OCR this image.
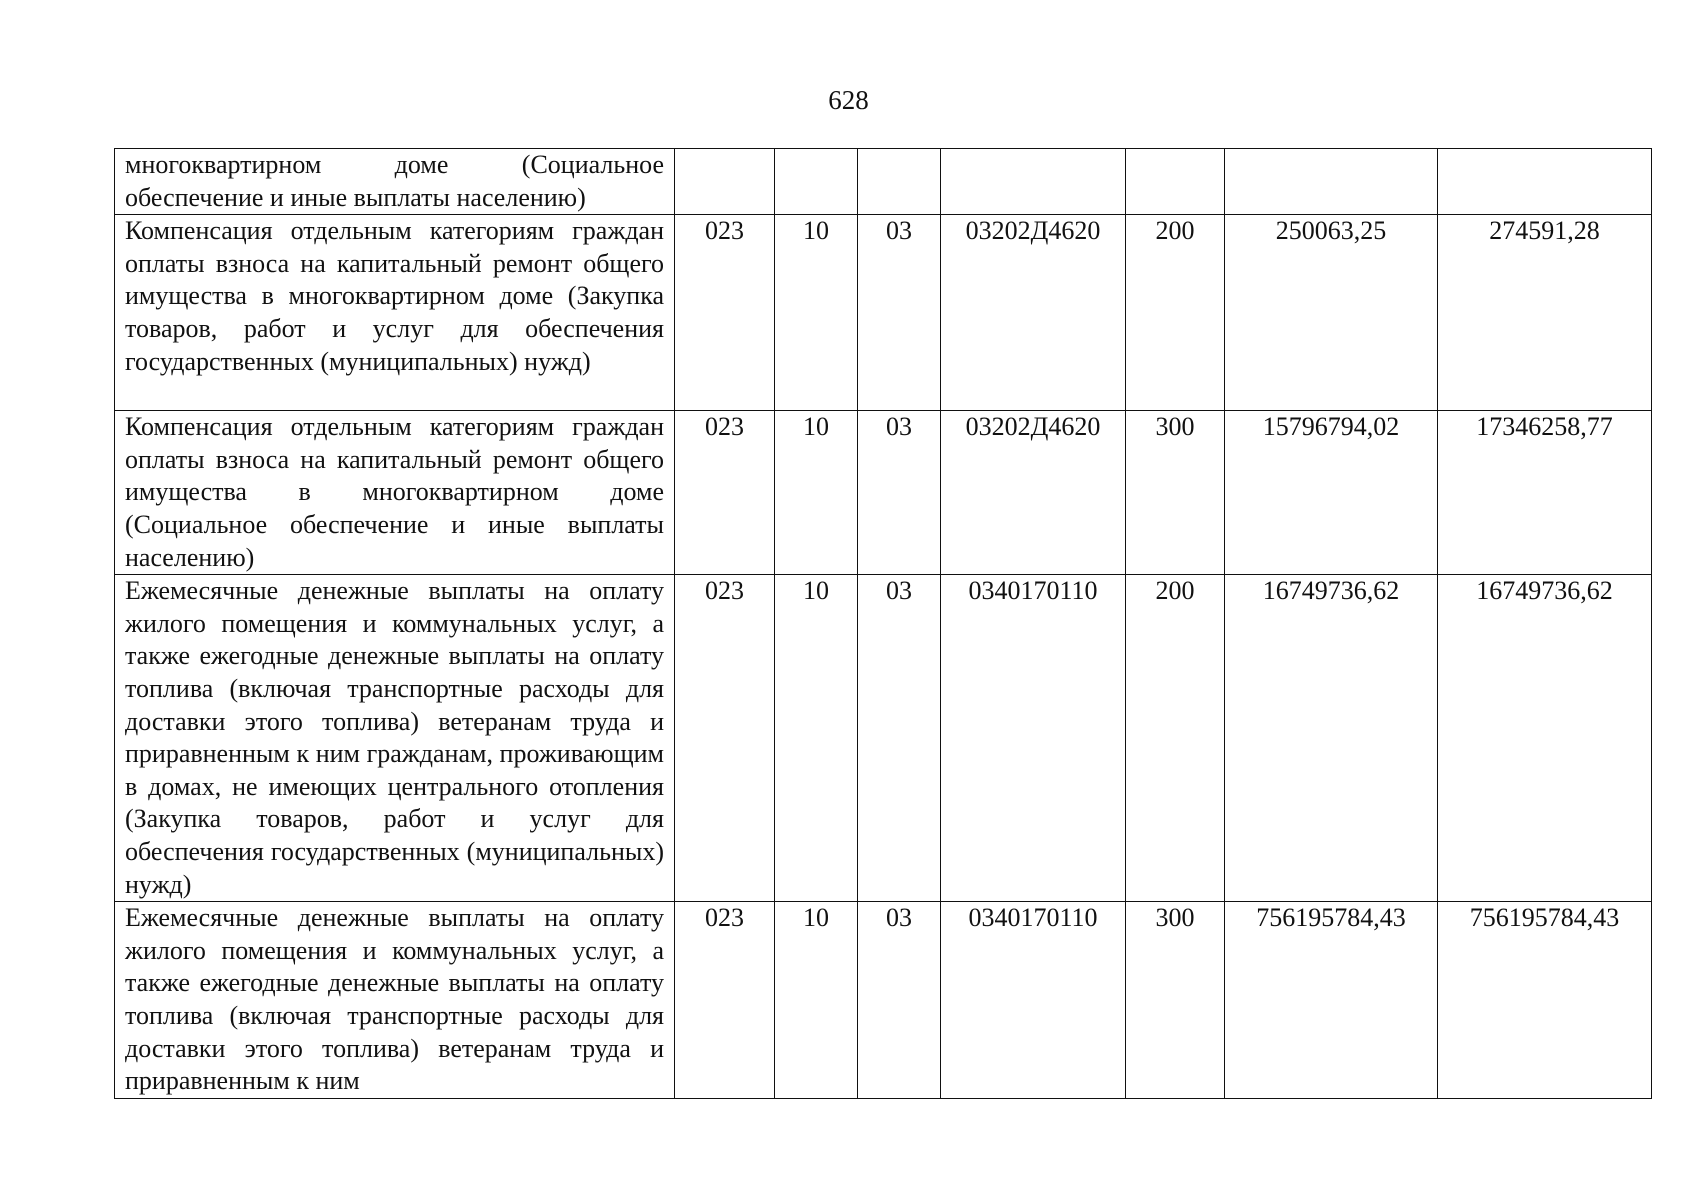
628
многоквартирном доме (Социальное обеспечение и иные выплаты населению)							
Компенсация отдельным категориям граждан оплаты взноса на капитальный ремонт общего имущества в многоквартирном доме (Закупка товаров, работ и услуг для обеспечения государственных (муниципальных) нужд)	023	10	03	03202Д4620	200	250063,25	274591,28
Компенсация отдельным категориям граждан оплаты взноса на капитальный ремонт общего имущества в многоквартирном доме (Социальное обеспечение и иные выплаты населению)	023	10	03	03202Д4620	300	15796794,02	17346258,77
Ежемесячные денежные выплаты на оплату жилого помещения и коммунальных услуг, а также ежегодные денежные выплаты на оплату топлива (включая транспортные расходы для доставки этого топлива) ветеранам труда и приравненным к ним гражданам, проживающим в домах, не имеющих центрального отопления (Закупка товаров, работ и услуг для обеспечения государственных (муниципальных) нужд)	023	10	03	0340170110	200	16749736,62	16749736,62
Ежемесячные денежные выплаты на оплату жилого помещения и коммунальных услуг, а также ежегодные денежные выплаты на оплату топлива (включая транспортные расходы для доставки этого топлива) ветеранам труда и приравненным к ним	023	10	03	0340170110	300	756195784,43	756195784,43
